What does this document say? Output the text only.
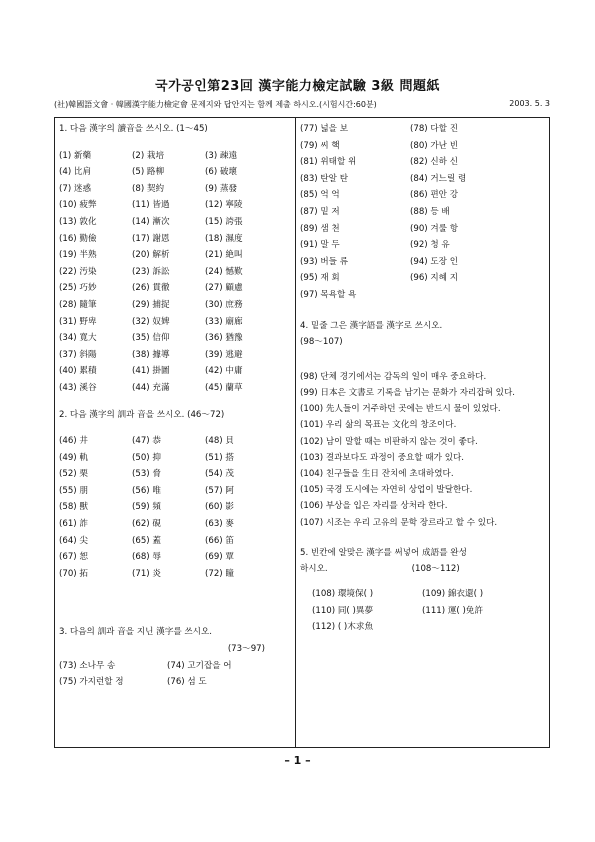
국가공인第23回 漢字能力檢定試驗 3級 問題紙
(社)韓國語文會 · 韓國漢字能力檢定會 문제지와 답안지는 함께 제출 하시오.(시험시간:60분)	2003. 5. 3
1. 다음 漢字의 讀音을 쓰시오. (1～45)
(1) 新藥	(2) 栽培	(3) 疎遠
(4) 比肩	(5) 路柳	(6) 破壞
(7) 迷惑	(8) 契約	(9) 蒸發
(10) 疲弊	(11) 皆過	(12) 寧陵
(13) 敦化	(14) 漸次	(15) 誇張
(16) 勤儉	(17) 謝恩	(18) 濕度
(19) 半熟	(20) 解析	(21) 絶叫
(22) 汚染	(23) 訴訟	(24) 憾歎
(25) 巧妙	(26) 貫徹	(27) 顧慮
(28) 隨筆	(29) 捕捉	(30) 庶務
(31) 野卑	(32) 奴婢	(33) 廟廊
(34) 寬大	(35) 信仰	(36) 猶豫
(37) 斜陽	(38) 據導	(39) 逃避
(40) 累積	(41) 掛圖	(42) 中庸
(43) 溪谷	(44) 充滿	(45) 蘭草
2. 다음 漢字의 訓과 音을 쓰시오. (46～72)
(46) 井	(47) 恭	(48) 貝
(49) 軌	(50) 抑	(51) 搭
(52) 栗	(53) 脅	(54) 茂
(55) 朋	(56) 唯	(57) 阿
(58) 獸	(59) 頻	(60) 影
(61) 詐	(62) 硯	(63) 麥
(64) 尖	(65) 蓋	(66) 笛
(67) 恕	(68) 辱	(69) 覃
(70) 拓	(71) 炎	(72) 瞳
3. 다음의 訓과 音을 지닌 漢字를 쓰시오.
(73～97)
(73) 소나무 송	(74) 고기잡을 어
(75) 가지런할 정	(76) 섬 도
(77) 넓을 보	(78) 다할 진
(79) 씨 핵	(80) 가난 빈
(81) 위태할 위	(82) 신하 신
(83) 탄알 탄	(84) 거느릴 령
(85) 억 억	(86) 편안 강
(87) 밑 저	(88) 등 배
(89) 샘 천	(90) 겨룰 항
(91) 말 두	(92) 청 유
(93) 버들 류	(94) 도장 인
(95) 재 회	(96) 지혜 지
(97) 목욕할 욕
4. 밑줄 그은 漢字語를 漢字로 쓰시오.
(98～107)
(98) 단체 경기에서는 감독의 일이 매우 중요하다.
(99) 日本은 文書로 기록을 남기는 문화가 자리잡혀 있다.
(100) 先人들이 거주하던 곳에는 반드시 물이 있었다.
(101) 우리 삶의 목표는 文化의 창조이다.
(102) 남이 말할 때는 비판하지 않는 것이 좋다.
(103) 결과보다도 과정이 중요할 때가 있다.
(104) 친구들을 生日 잔치에 초대하였다.
(105) 국경 도시에는 자연히 상업이 발달한다.
(106) 부상을 입은 자리를 상처라 한다.
(107) 시조는 우리 고유의 문학 장르라고 할 수 있다.
5. 빈칸에 알맞은 漢字를 써넣어 成語를 완성
하시오.	(108～112)
(108) 環境保( )	(109) 錦衣還( )
(110) 同( )異夢	(111) 運( )免許
(112) ( )木求魚
– 1 –
